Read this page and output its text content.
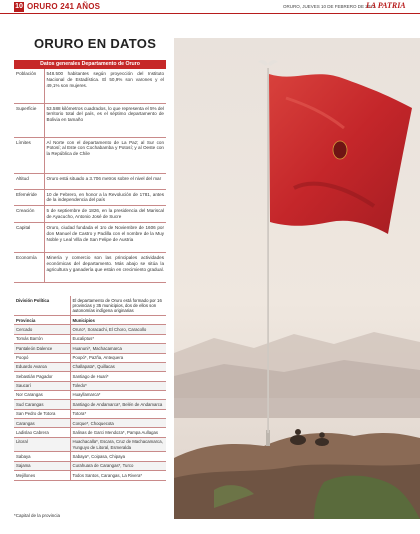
10 ORURO 241 AÑOS	ORURO, JUEVES 10 DE FEBRERO DE 2022
LA PATRIA
ORURO EN DATOS
Datos generales Departamento de Oruro
Población	548.500 habitantes según proyección del Instituto Nacional de Estadística. El 50,9% son varones y el 49,1% son mujeres.
Superficie	53.588 kilómetros cuadrados, lo que representa el 5% del territorio total del país, es el séptimo departamento de Bolivia en tamaño
Límites	Al Norte con el departamento de La Paz; al Sur con Potosí; al Este con Cochabamba y Potosí; y al Oeste con la República de Chile
Altitud	Oruro está situado a 3.706 metros sobre el nivel del mar
Efeméride	10 de Febrero, en honor a la Revolución de 1781, antes de la independencia del país
Creación	5 de septiembre de 1826, en la presidencia del Mariscal de Ayacucho, Antonio José de Sucre
Capital	Oruro, ciudad fundada el 1ro de Noviembre de 1606 por don Manuel de Castro y Padilla con el nombre de la Muy Noble y Leal Villa de San Felipe de Austria
Economía	Minería y comercio son las principales actividades económicas del departamento. Más abajo se sitúa la agricultura y ganadería que están en crecimiento gradual.
División Política	El departamento de Oruro está formado por 16 provincias y 35 municipios, dos de ellos son autonomías indígena originarias
Provincia	Municipios
Cercado	Oruro*, Soracachi, El Choro, Caracollo
Tomás Barrón	Eucaliptus*
Pantaleón Dalence	Huanuni*, Machacamarca
Poopó	Poopó*, Pazña, Antequera
Eduardo Avaroa	Challapata*, Quillacas
Sebastián Pagador	Santiago de Huari*
Saucarí	Toledo*
Nor Carangas	Huayllamarca*
Sud Carangas	Santiago de Andamarca*, Belén de Andamarca
San Pedro de Totora	Totora*
Carangas	Corque*, Choquecota
Ladislao Cabrera	Salinas de Garci Mendoza*, Pampa Aullagas
Litoral	Huachacalla*, Escara, Cruz de Machacamarca, Yunguyo de Litoral, Esmeralda
Sabaya	Sabaya*, Coipasa, Chipaya
Sajama	Curahuara de Carangas*, Turco
Mejillones	Todos Santos, Carangas, La Rivera*
*Capital de la provincia
